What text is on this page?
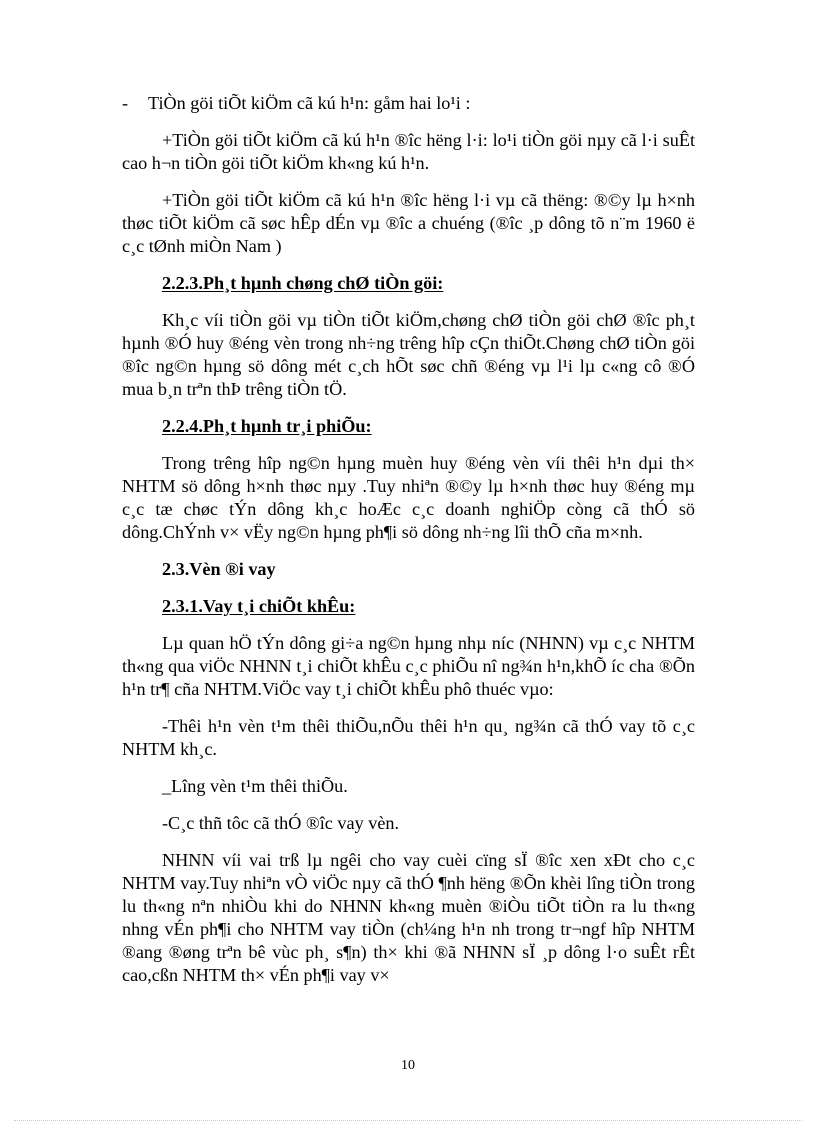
- TiÒn göi tiÕt kiÖm cã kú h¹n: gåm hai lo¹i :

+TiÒn göi tiÕt kiÖm cã kú h¹n ®îc hëng l·i: lo¹i tiÒn göi nµy cã l·i suÊt cao h¬n tiÒn göi tiÕt kiÖm kh«ng kú h¹n.

+TiÒn göi tiÕt kiÖm cã kú h¹n ®îc hëng l·i vµ cã thëng: ®©y lµ h×nh thøc tiÕt kiÖm cã søc hÊp dÉn vµ ®îc a chuéng (®îc ¸p dông tõ n¨m 1960 ë c¸c tØnh miÒn Nam )

2.2.3.Ph¸t hµnh chøng chØ tiÒn göi:

Kh¸c víi tiÒn göi vµ tiÒn tiÕt kiÖm,chøng chØ tiÒn göi chØ ®îc ph¸t hµnh ®Ó huy ®éng vèn trong nh÷ng trêng hîp cÇn thiÕt.Chøng chØ tiÒn göi ®îc ng©n hµng sö dông mét c¸ch hÕt søc chñ ®éng vµ l¹i lµ c«ng cô ®Ó mua b¸n trªn thÞ trêng tiÒn tÖ.

2.2.4.Ph¸t hµnh tr¸i phiÕu:

Trong trêng hîp ng©n hµng muèn huy ®éng vèn víi thêi h¹n dµi th× NHTM sö dông h×nh thøc nµy .Tuy nhiªn ®©y lµ h×nh thøc huy ®éng mµ c¸c tæ chøc tÝn dông kh¸c hoÆc c¸c doanh nghiÖp còng cã thÓ sö dông.ChÝnh v× vËy ng©n hµng ph¶i sö dông nh÷ng lîi thÕ cña m×nh.

2.3.Vèn ®i vay

2.3.1.Vay t¸i chiÕt khÊu:

Lµ quan hÖ tÝn dông gi÷a ng©n hµng nhµ níc (NHNN) vµ c¸c NHTM th«ng qua viÖc NHNN t¸i chiÕt khÊu c¸c phiÕu nî ng¾n h¹n,khÕ íc cha ®Õn h¹n tr¶ cña NHTM.ViÖc vay t¸i chiÕt khÊu phô thuéc vµo:

-Thêi h¹n vèn t¹m thêi thiÕu,nÕu thêi h¹n qu¸ ng¾n cã thÓ vay tõ c¸c NHTM kh¸c.

_Lîng vèn t¹m thêi thiÕu.

-C¸c thñ tôc cã thÓ ®îc vay vèn.

NHNN víi vai trß lµ ngêi cho vay cuèi cïng sÏ ®îc xen xÐt cho c¸c NHTM vay.Tuy nhiªn vÒ viÖc nµy cã thÓ ¶nh hëng ®Õn khèi lîng tiÒn trong lu th«ng nªn nhiÒu khi do NHNN kh«ng muèn ®iÒu tiÕt tiÒn ra lu th«ng nhng vÉn ph¶i cho NHTM vay tiÒn (ch¼ng h¹n nh trong tr¬ngf hîp NHTM ®ang ®øng trªn bê vùc ph¸ s¶n) th× khi ®ã NHNN sÏ ¸p dông l·o suÊt rÊt cao,cßn NHTM th× vÉn ph¶i vay v×

10
